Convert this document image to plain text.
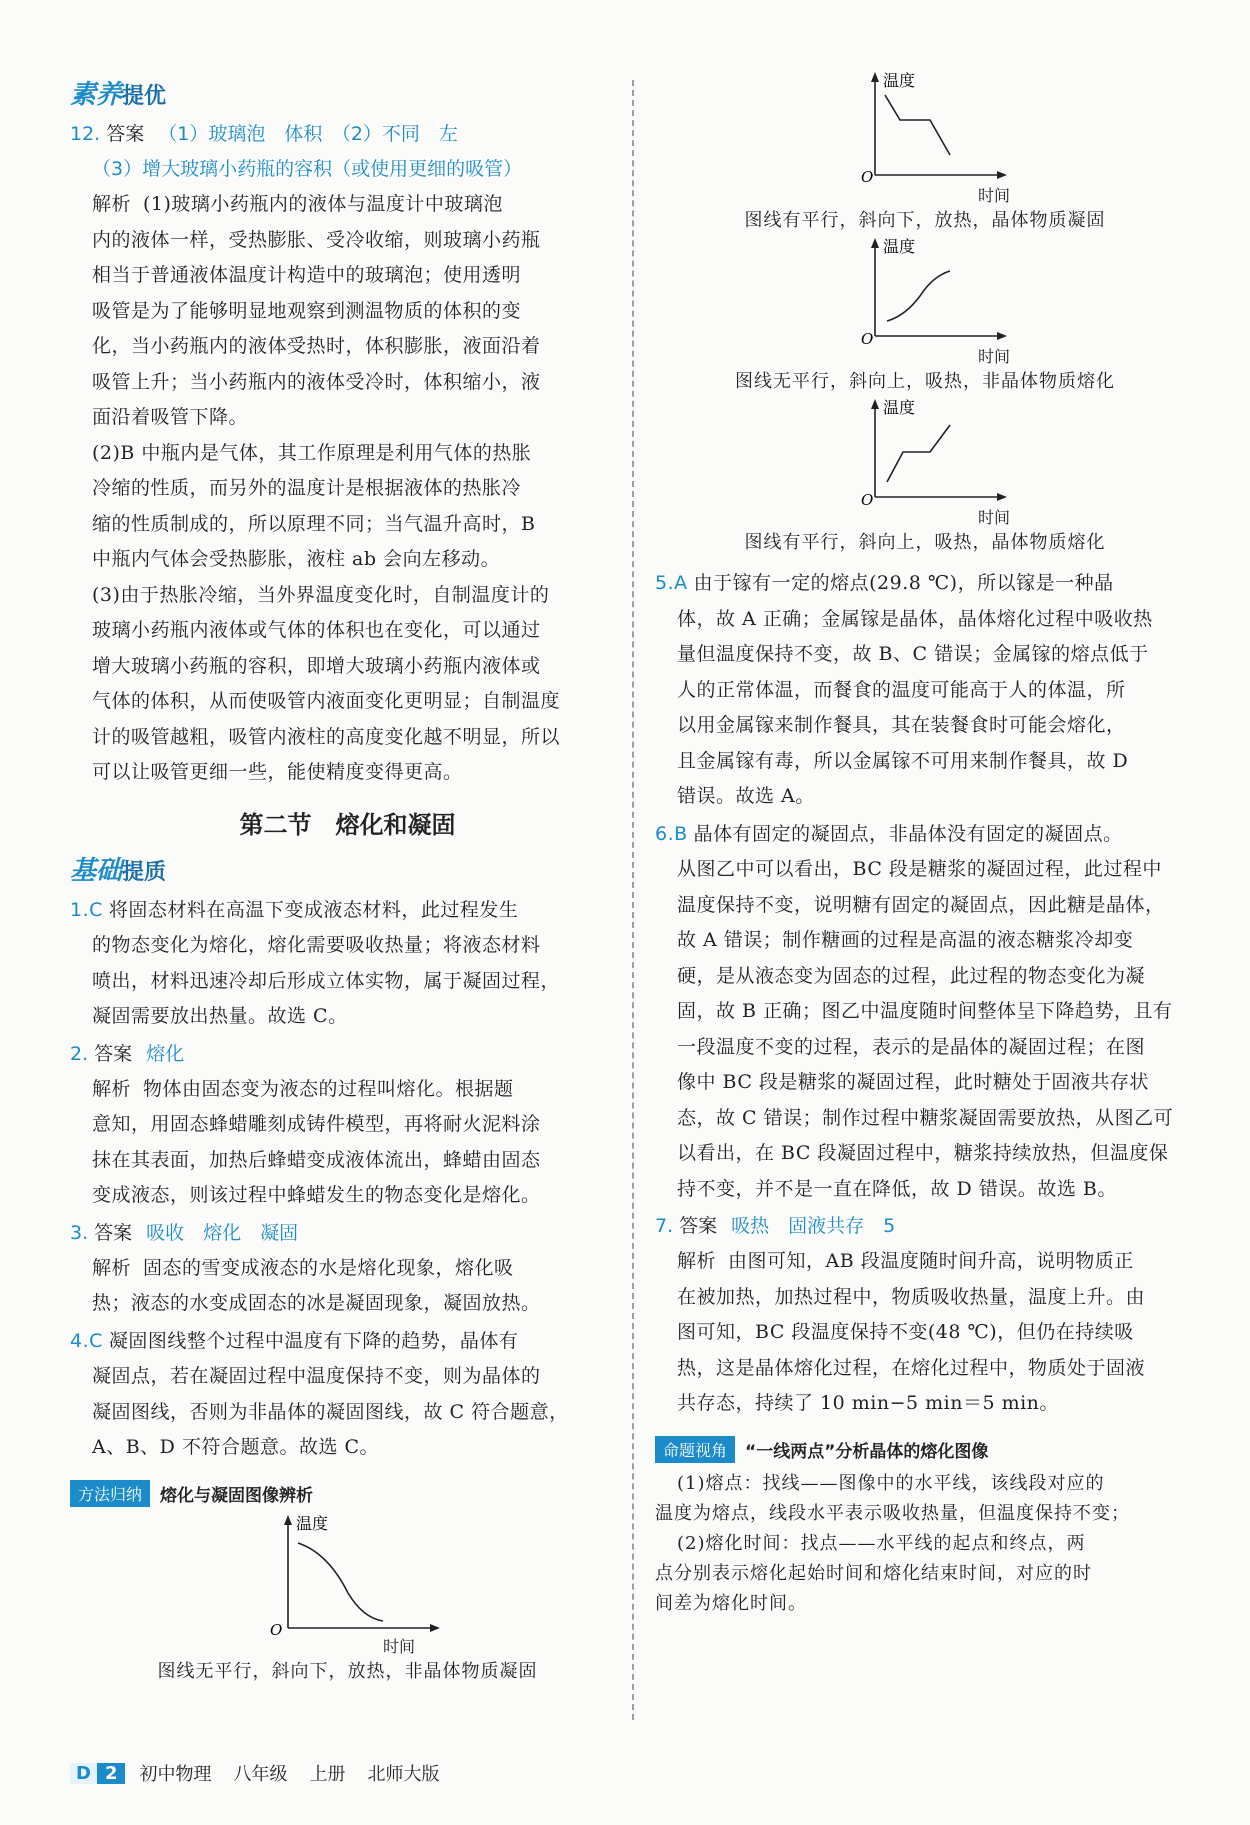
素养提优
12. 答案 （1）玻璃泡　体积　（2）不同　左
（3）增大玻璃小药瓶的容积（或使用更细的吸管）
解析 (1)玻璃小药瓶内的液体与温度计中玻璃泡
内的液体一样，受热膨胀、受冷收缩，则玻璃小药瓶
相当于普通液体温度计构造中的玻璃泡；使用透明
吸管是为了能够明显地观察到测温物质的体积的变
化，当小药瓶内的液体受热时，体积膨胀，液面沿着
吸管上升；当小药瓶内的液体受冷时，体积缩小，液
面沿着吸管下降。
(2)B 中瓶内是气体，其工作原理是利用气体的热胀
冷缩的性质，而另外的温度计是根据液体的热胀冷
缩的性质制成的，所以原理不同；当气温升高时，B
中瓶内气体会受热膨胀，液柱 ab 会向左移动。
(3)由于热胀冷缩，当外界温度变化时，自制温度计的
玻璃小药瓶内液体或气体的体积也在变化，可以通过
增大玻璃小药瓶的容积，即增大玻璃小药瓶内液体或
气体的体积，从而使吸管内液面变化更明显；自制温度
计的吸管越粗，吸管内液柱的高度变化越不明显，所以
可以让吸管更细一些，能使精度变得更高。
第二节　熔化和凝固
基础提质
1.C 将固态材料在高温下变成液态材料，此过程发生
的物态变化为熔化，熔化需要吸收热量；将液态材料
喷出，材料迅速冷却后形成立体实物，属于凝固过程，
凝固需要放出热量。故选 C。
2. 答案 熔化
解析 物体由固态变为液态的过程叫熔化。根据题
意知，用固态蜂蜡雕刻成铸件模型，再将耐火泥料涂
抹在其表面，加热后蜂蜡变成液体流出，蜂蜡由固态
变成液态，则该过程中蜂蜡发生的物态变化是熔化。
3. 答案 吸收　熔化　凝固
解析 固态的雪变成液态的水是熔化现象，熔化吸
热；液态的水变成固态的冰是凝固现象，凝固放热。
4.C 凝固图线整个过程中温度有下降的趋势，晶体有
凝固点，若在凝固过程中温度保持不变，则为晶体的
凝固图线，否则为非晶体的凝固图线，故 C 符合题意，
A、B、D 不符合题意。故选 C。
方法归纳	熔化与凝固图像辨析
温度
O
时间
图线无平行，斜向下，放热，非晶体物质凝固
温度
O
时间
图线有平行，斜向下，放热，晶体物质凝固
温度
O
时间
图线无平行，斜向上，吸热，非晶体物质熔化
温度
O
时间
图线有平行，斜向上，吸热，晶体物质熔化
5.A 由于镓有一定的熔点(29.8 ℃)，所以镓是一种晶
体，故 A 正确；金属镓是晶体，晶体熔化过程中吸收热
量但温度保持不变，故 B、C 错误；金属镓的熔点低于
人的正常体温，而餐食的温度可能高于人的体温，所
以用金属镓来制作餐具，其在装餐食时可能会熔化，
且金属镓有毒，所以金属镓不可用来制作餐具，故 D
错误。故选 A。
6.B 晶体有固定的凝固点，非晶体没有固定的凝固点。
从图乙中可以看出，BC 段是糖浆的凝固过程，此过程中
温度保持不变，说明糖有固定的凝固点，因此糖是晶体，
故 A 错误；制作糖画的过程是高温的液态糖浆冷却变
硬，是从液态变为固态的过程，此过程的物态变化为凝
固，故 B 正确；图乙中温度随时间整体呈下降趋势，且有
一段温度不变的过程，表示的是晶体的凝固过程；在图
像中 BC 段是糖浆的凝固过程，此时糖处于固液共存状
态，故 C 错误；制作过程中糖浆凝固需要放热，从图乙可
以看出，在 BC 段凝固过程中，糖浆持续放热，但温度保
持不变，并不是一直在降低，故 D 错误。故选 B。
7. 答案 吸热　固液共存　5
解析 由图可知，AB 段温度随时间升高，说明物质正
在被加热，加热过程中，物质吸收热量，温度上升。由
图可知，BC 段温度保持不变(48 ℃)，但仍在持续吸
热，这是晶体熔化过程，在熔化过程中，物质处于固液
共存态，持续了 10 min−5 min＝5 min。
命题视角	“一线两点”分析晶体的熔化图像
(1)熔点：找线——图像中的水平线，该线段对应的
温度为熔点，线段水平表示吸收热量，但温度保持不变；
(2)熔化时间：找点——水平线的起点和终点，两
点分别表示熔化起始时间和熔化结束时间，对应的时
间差为熔化时间。
D 2	初中物理 八年级 上册 北师大版
